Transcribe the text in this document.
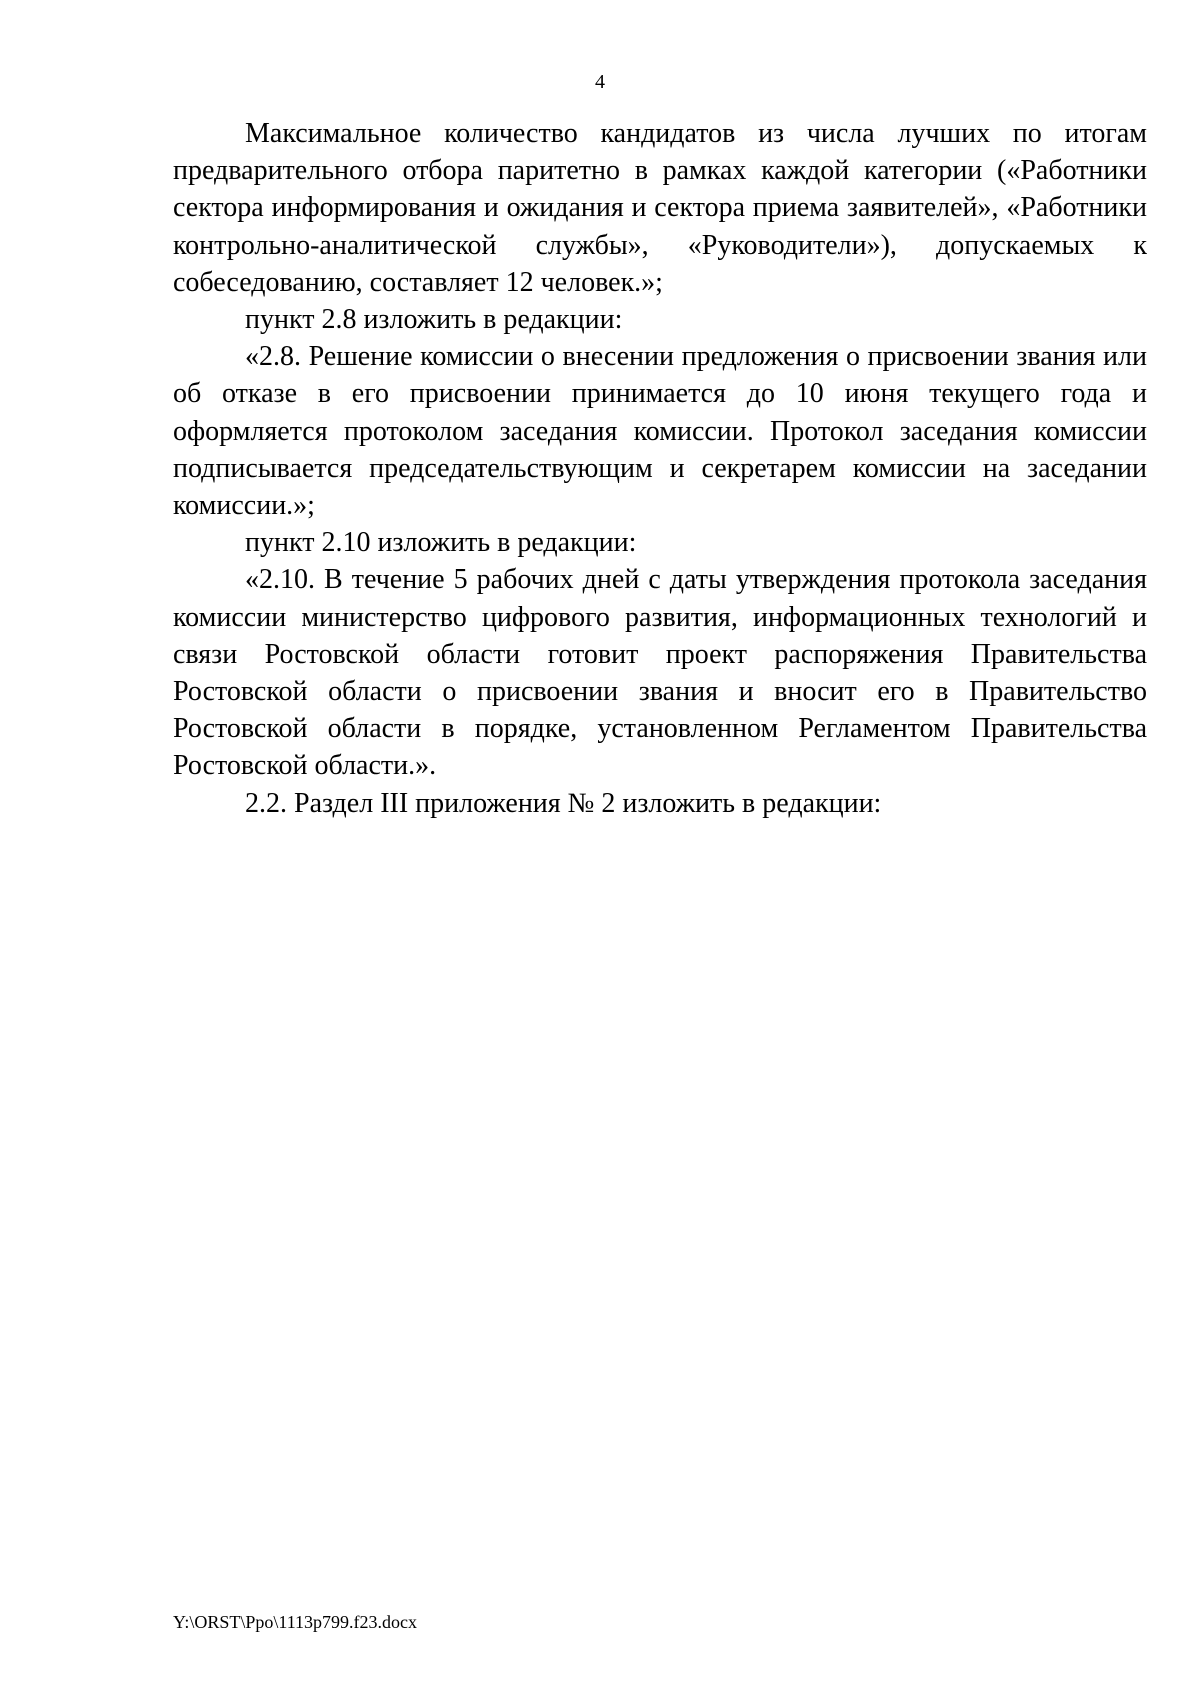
4

Максимальное количество кандидатов из числа лучших по итогам предварительного отбора паритетно в рамках каждой категории («Работники сектора информирования и ожидания и сектора приема заявителей», «Работники контрольно-аналитической службы», «Руководители»), допускаемых к собеседованию, составляет 12 человек.»;

пункт 2.8 изложить в редакции:

«2.8. Решение комиссии о внесении предложения о присвоении звания или об отказе в его присвоении принимается до 10 июня текущего года и оформляется протоколом заседания комиссии. Протокол заседания комиссии подписывается председательствующим и секретарем комиссии на заседании комиссии.»;

пункт 2.10 изложить в редакции:

«2.10. В течение 5 рабочих дней с даты утверждения протокола заседания комиссии министерство цифрового развития, информационных технологий и связи Ростовской области готовит проект распоряжения Правительства Ростовской области о присвоении звания и вносит его в Правительство Ростовской области в порядке, установленном Регламентом Правительства Ростовской области.».

2.2. Раздел III приложения № 2 изложить в редакции:

Y:\ORST\Ppo\1113p799.f23.docx
